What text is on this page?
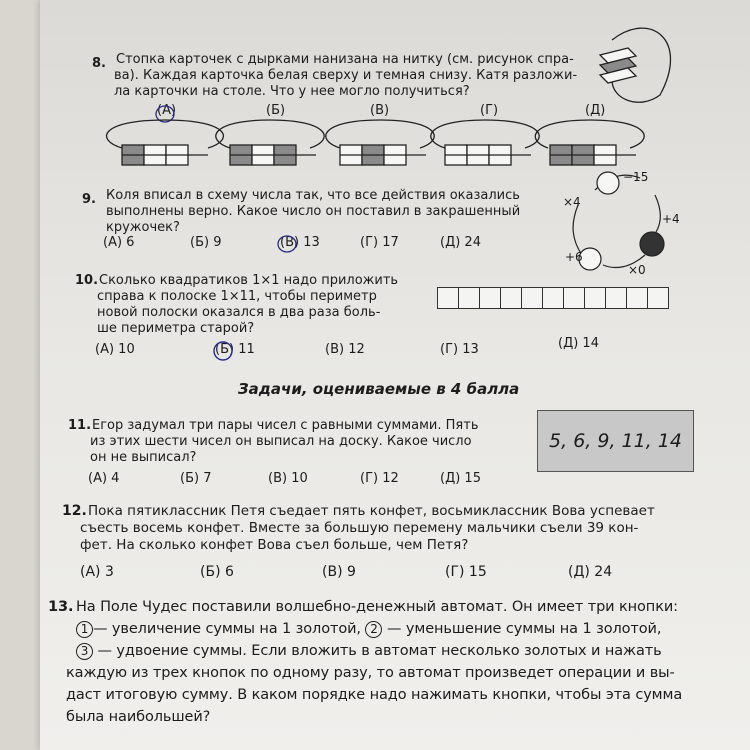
8. Стопка карточек с дырками нанизана на нитку (см. рисунок спра-

ва). Каждая карточка белая сверху и темная снизу. Катя разложи-

ла карточки на столе. Что у нее могло получиться?

(А)	(Б)	(В)	(Г)	(Д)

9. Коля вписал в схему числа так, что все действия оказались

выполнены верно. Какое число он поставил в закрашенный

кружочек?

(А) 6	(Б) 9	(В) 13	(Г) 17	(Д) 24
−15
×4
+4
+6
×0

10. Сколько квадратиков 1×1 надо приложить

справа к полоске 1×11, чтобы периметр

новой полоски оказался в два раза боль-

ше периметра старой?

(А) 10	(Б) 11	(В) 12	(Г) 13	(Д) 14
Задачи, оцениваемые в 4 балла

11. Егор задумал три пары чисел с равными суммами. Пять

из этих шести чисел он выписал на доску. Какое число

он не выписал?

(А) 4	(Б) 7	(В) 10	(Г) 12	(Д) 15
5, 6, 9, 11, 14

12. Пока пятиклассник Петя съедает пять конфет, восьмиклассник Вова успевает

съесть восемь конфет. Вместе за большую перемену мальчики съели 39 кон-

фет. На сколько конфет Вова съел больше, чем Петя?

(А) 3	(Б) 6	(В) 9	(Г) 15	(Д) 24

13. На Поле Чудес поставили волшебно-денежный автомат. Он имеет три кнопки:

1 — увеличение суммы на 1 золотой, 2 — уменьшение суммы на 1 золотой,

3 — удвоение суммы. Если вложить в автомат несколько золотых и нажать

каждую из трех кнопок по одному разу, то автомат произведет операции и вы-

даст итоговую сумму. В каком порядке надо нажимать кнопки, чтобы эта сумма

была наибольшей?
